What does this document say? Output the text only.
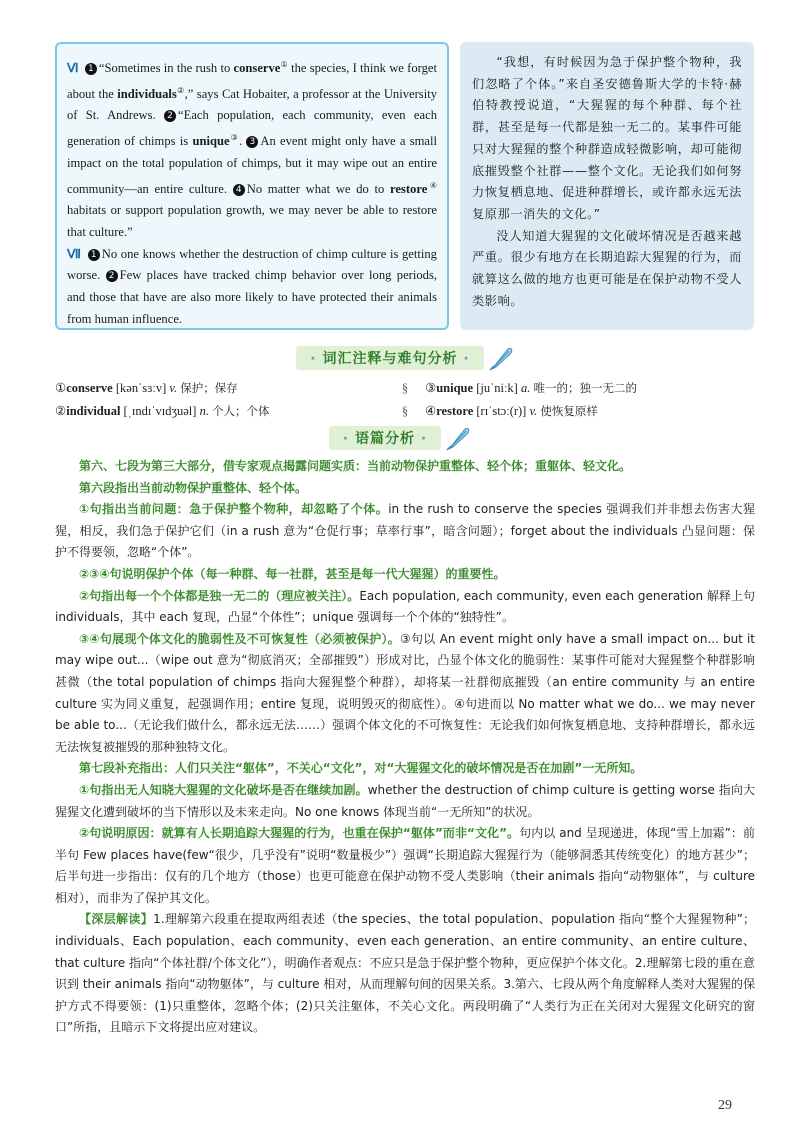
Ⅵ 1 “Sometimes in the rush to conserve① the species, I think we forget about the individuals②,” says Cat Hobaiter, a professor at the University of St. Andrews. 2 “Each population, each community, even each generation of chimps is unique③. 3 An event might only have a small impact on the total population of chimps, but it may wipe out an entire community—an entire culture. 4 No matter what we do to restore④ habitats or support population growth, we may never be able to restore that culture.”

Ⅶ 1 No one knows whether the destruction of chimp culture is getting worse. 2 Few places have tracked chimp behavior over long periods, and those that have are also more likely to have protected their animals from human influence.

“我想，有时候因为急于保护整个物种，我们忽略了个体。”来自圣安德鲁斯大学的卡特·赫伯特教授说道，“大猩猩的每个种群、每个社群，甚至是每一代都是独一无二的。某事件可能只对大猩猩的整个种群造成轻微影响，却可能彻底摧毁整个社群——整个文化。无论我们如何努力恢复栖息地、促进种群增长，或许都永远无法复原那一消失的文化。”

没人知道大猩猩的文化破坏情况是否越来越严重。很少有地方在长期追踪大猩猩的行为，而就算这么做的地方也更可能是在保护动物不受人类影响。

· 词汇注释与难句分析 ·
①conserve [kənˈsɜːv] v. 保护；保存	§	③unique [juˈniːk] a. 唯一的；独一无二的
②individual [ˌɪndɪˈvɪdʒuəl] n. 个人；个体	§	④restore [rɪˈstɔː(r)] v. 使恢复原样
· 语篇分析 ·

第六、七段为第三大部分，借专家观点揭露问题实质：当前动物保护重整体、轻个体；重躯体、轻文化。

第六段指出当前动物保护重整体、轻个体。

①句指出当前问题：急于保护整个物种，却忽略了个体。in the rush to conserve the species 强调我们并非想去伤害大猩猩，相反，我们急于保护它们（in a rush 意为“仓促行事；草率行事”，暗含问题）；forget about the individuals 凸显问题：保护不得要领，忽略“个体”。

②③④句说明保护个体（每一种群、每一社群，甚至是每一代大猩猩）的重要性。

②句指出每一个个体都是独一无二的（理应被关注）。Each population, each community, even each generation 解释上句 individuals，其中 each 复现，凸显“个体性”；unique 强调每一个个体的“独特性”。

③④句展现个体文化的脆弱性及不可恢复性（必须被保护）。③句以 An event might only have a small impact on... but it may wipe out...（wipe out 意为“彻底消灭；全部摧毁”）形成对比，凸显个体文化的脆弱性：某事件可能对大猩猩整个种群影响甚微（the total population of chimps 指向大猩猩整个种群），却将某一社群彻底摧毁（an entire community 与 an entire culture 实为同义重复，起强调作用；entire 复现，说明毁灭的彻底性）。④句进而以 No matter what we do... we may never be able to...（无论我们做什么，都永远无法……）强调个体文化的不可恢复性：无论我们如何恢复栖息地、支持种群增长，都永远无法恢复被摧毁的那种独特文化。

第七段补充指出：人们只关注“躯体”，不关心“文化”，对“大猩猩文化的破坏情况是否在加剧”一无所知。

①句指出无人知晓大猩猩的文化破坏是否在继续加剧。whether the destruction of chimp culture is getting worse 指向大猩猩文化遭到破坏的当下情形以及未来走向。No one knows 体现当前“一无所知”的状况。

②句说明原因：就算有人长期追踪大猩猩的行为，也重在保护“躯体”而非“文化”。句内以 and 呈现递进，体现“雪上加霜”：前半句 Few places have(few“很少，几乎没有”说明“数量极少”）强调“长期追踪大猩猩行为（能够洞悉其传统变化）的地方甚少”；后半句进一步指出：仅有的几个地方（those）也更可能意在保护动物不受人类影响（their animals 指向“动物躯体”，与 culture 相对），而非为了保护其文化。

【深层解读】1.理解第六段重在提取两组表述（the species、the total population、population 指向“整个大猩猩物种”；individuals、Each population、each community、even each generation、an entire community、an entire culture、that culture 指向“个体社群/个体文化”），明确作者观点：不应只是急于保护整个物种，更应保护个体文化。2.理解第七段的重在意识到 their animals 指向“动物躯体”，与 culture 相对，从而理解句间的因果关系。3.第六、七段从两个角度解释人类对大猩猩的保护方式不得要领：(1)只重整体，忽略个体；(2)只关注躯体，不关心文化。两段明确了“人类行为正在关闭对大猩猩文化研究的窗口”所指，且暗示下文将提出应对建议。

29
